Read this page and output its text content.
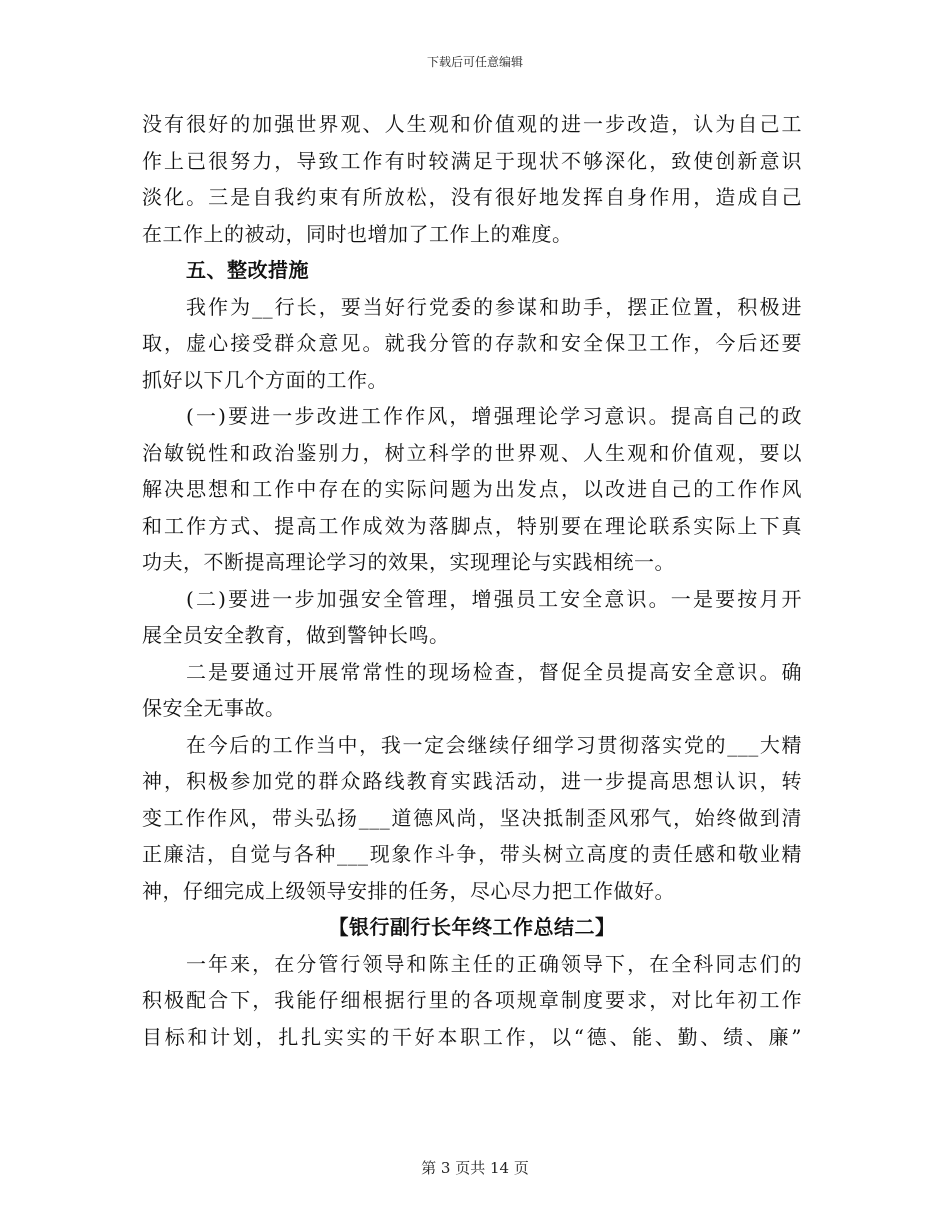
下载后可任意编辑
没有很好的加强世界观、人生观和价值观的进一步改造，认为自己工
作上已很努力，导致工作有时较满足于现状不够深化，致使创新意识
淡化。三是自我约束有所放松，没有很好地发挥自身作用，造成自己
在工作上的被动，同时也增加了工作上的难度。
五、整改措施
我作为__行长，要当好行党委的参谋和助手，摆正位置，积极进
取，虚心接受群众意见。就我分管的存款和安全保卫工作，今后还要
抓好以下几个方面的工作。
(一)要进一步改进工作作风，增强理论学习意识。提高自己的政
治敏锐性和政治鉴别力，树立科学的世界观、人生观和价值观，要以
解决思想和工作中存在的实际问题为出发点，以改进自己的工作作风
和工作方式、提高工作成效为落脚点，特别要在理论联系实际上下真
功夫，不断提高理论学习的效果，实现理论与实践相统一。
(二)要进一步加强安全管理，增强员工安全意识。一是要按月开
展全员安全教育，做到警钟长鸣。
二是要通过开展常常性的现场检查，督促全员提高安全意识。确
保安全无事故。
在今后的工作当中，我一定会继续仔细学习贯彻落实党的___大精
神，积极参加党的群众路线教育实践活动，进一步提高思想认识，转
变工作作风，带头弘扬___道德风尚，坚决抵制歪风邪气，始终做到清
正廉洁，自觉与各种___现象作斗争，带头树立高度的责任感和敬业精
神，仔细完成上级领导安排的任务，尽心尽力把工作做好。
【银行副行长年终工作总结二】
一年来，在分管行领导和陈主任的正确领导下，在全科同志们的
积极配合下，我能仔细根据行里的各项规章制度要求，对比年初工作
目标和计划，扎扎实实的干好本职工作，以“德、能、勤、绩、廉”
第 3 页共 14 页
